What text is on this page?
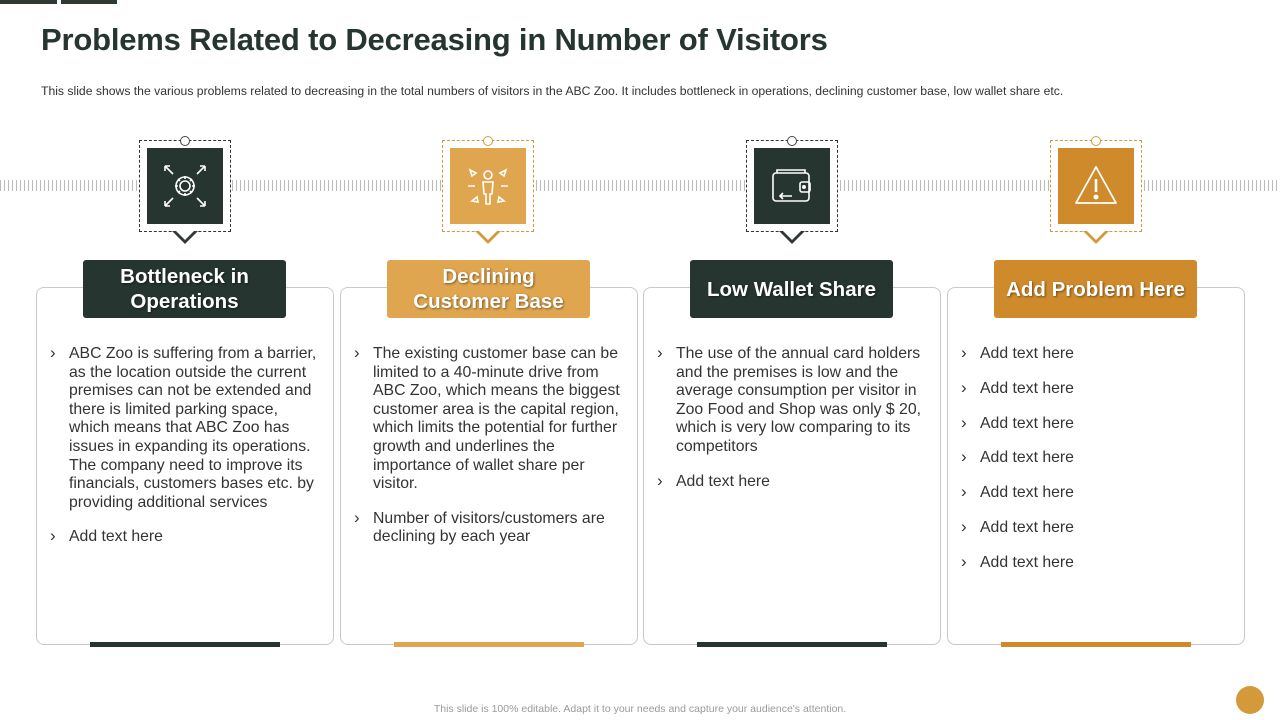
Problems Related to Decreasing in Number of Visitors

This slide shows the various problems related to decreasing in the total numbers of visitors in the ABC Zoo. It includes bottleneck in operations, declining customer base, low wallet share etc.

› ABC Zoo is suffering from a barrier, as the location outside the current premises can not be extended and there is limited parking space, which means that ABC Zoo has issues in expanding its operations. The company need to improve its financials, customers bases etc. by providing additional services
› Add text here
› The existing customer base can be limited to a 40-minute drive from ABC Zoo, which means the biggest customer area is the capital region, which limits the potential for further growth and underlines the importance of wallet share per visitor.
› Number of visitors/customers are declining by each year
› The use of the annual card holders and the premises is low and the average consumption per visitor in Zoo Food and Shop was only $ 20, which is very low comparing to its competitors
› Add text here
› Add text here
› Add text here
› Add text here
› Add text here
› Add text here
› Add text here
› Add text here
Bottleneck in Operations
Declining Customer Base
Low Wallet Share	Add Problem Here
This slide is 100% editable. Adapt it to your needs and capture your audience's attention.
